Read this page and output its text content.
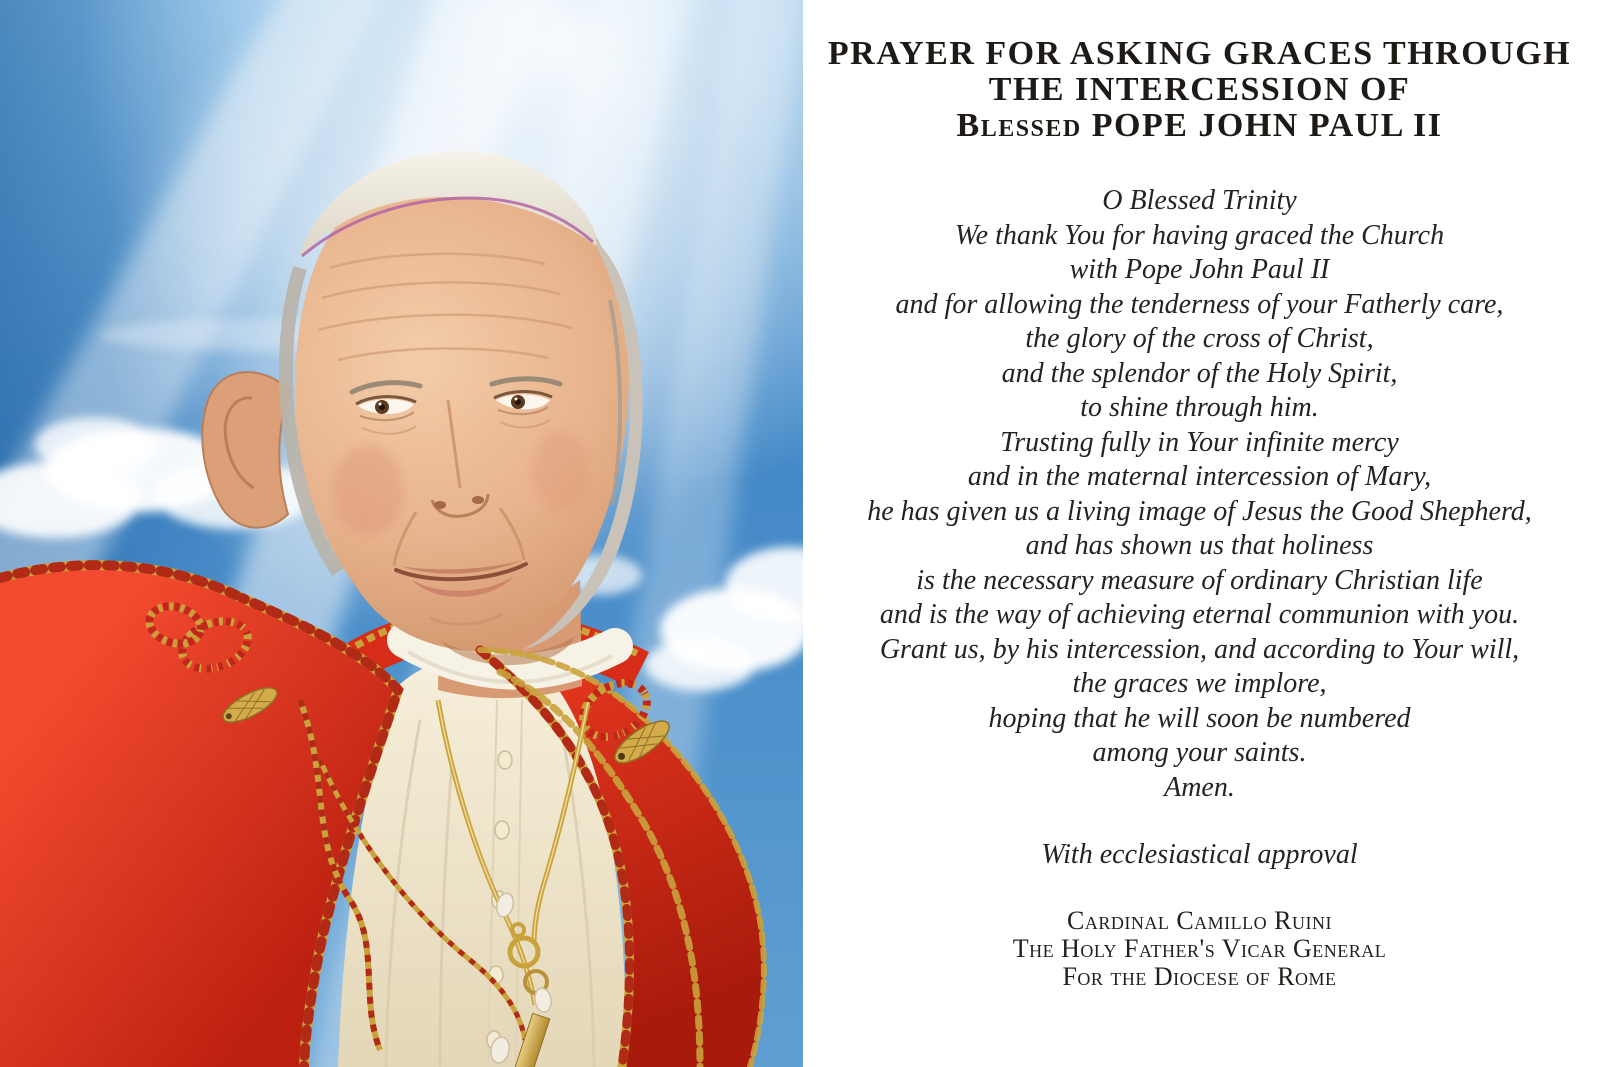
PRAYER FOR ASKING GRACES THROUGH
THE INTERCESSION OF
Blessed POPE JOHN PAUL II
O Blessed Trinity
We thank You for having graced the Church
with Pope John Paul II
and for allowing the tenderness of your Fatherly care,
the glory of the cross of Christ,
and the splendor of the Holy Spirit,
to shine through him.
Trusting fully in Your infinite mercy
and in the maternal intercession of Mary,
he has given us a living image of Jesus the Good Shepherd,
and has shown us that holiness
is the necessary measure of ordinary Christian life
and is the way of achieving eternal communion with you.
Grant us, by his intercession, and according to Your will,
the graces we implore,
hoping that he will soon be numbered
among your saints.
Amen.
With ecclesiastical approval
Cardinal Camillo Ruini
The Holy Father's Vicar General
For the Diocese of Rome
